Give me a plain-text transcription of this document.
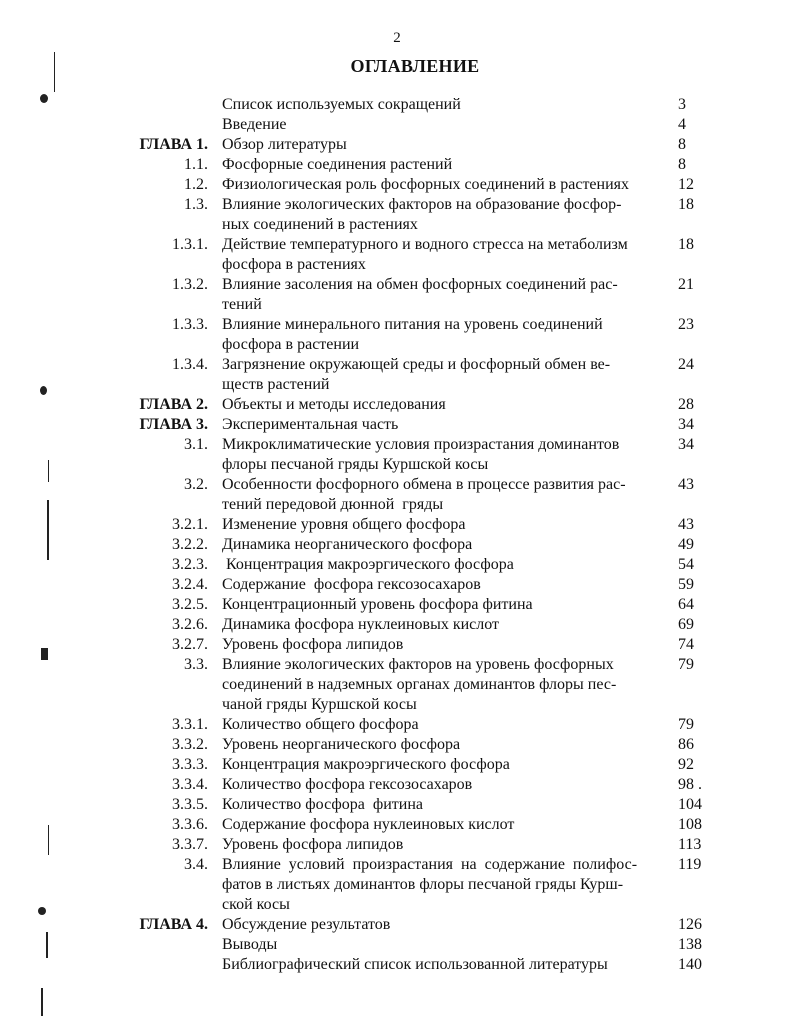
2
ОГЛАВЛЕНИЕ
Список используемых сокращений	3
Введение	4
ГЛАВА 1. Обзор литературы	8
1.1. Фосфорные соединения растений	8
1.2. Физиологическая роль фосфорных соединений в растениях	12
1.3. Влияние экологических факторов на образование фосфор-	18
ных соединений в растениях
1.3.1. Действие температурного и водного стресса на метаболизм	18
фосфора в растениях
1.3.2. Влияние засоления на обмен фосфорных соединений рас-	21
тений
1.3.3. Влияние минерального питания на уровень соединений	23
фосфора в растении
1.3.4. Загрязнение окружающей среды и фосфорный обмен ве-	24
ществ растений
ГЛАВА 2. Объекты и методы исследования	28
ГЛАВА 3. Экспериментальная часть	34
3.1. Микроклиматические условия произрастания доминантов	34
флоры песчаной гряды Куршской косы
3.2. Особенности фосфорного обмена в процессе развития рас-	43
тений передовой дюнной  гряды
3.2.1. Изменение уровня общего фосфора	43
3.2.2. Динамика неорганического фосфора	49
3.2.3. Концентрация макроэргического фосфора	54
3.2.4. Содержание  фосфора гексозосахаров	59
3.2.5. Концентрационный уровень фосфора фитина	64
3.2.6. Динамика фосфора нуклеиновых кислот	69
3.2.7. Уровень фосфора липидов	74
3.3. Влияние экологических факторов на уровень фосфорных	79
соединений в надземных органах доминантов флоры пес-
чаной гряды Куршской косы
3.3.1. Количество общего фосфора	79
3.3.2. Уровень неорганического фосфора	86
3.3.3. Концентрация макроэргического фосфора	92
3.3.4. Количество фосфора гексозосахаров	98 .
3.3.5. Количество фосфора  фитина	104
3.3.6. Содержание фосфора нуклеиновых кислот	108
3.3.7. Уровень фосфора липидов	113
3.4. Влияние  условий  произрастания  на  содержание  полифос-	119
фатов в листьях доминантов флоры песчаной гряды Курш-
ской косы
ГЛАВА 4. Обсуждение результатов	126
Выводы	138
Библиографический список использованной литературы	140
